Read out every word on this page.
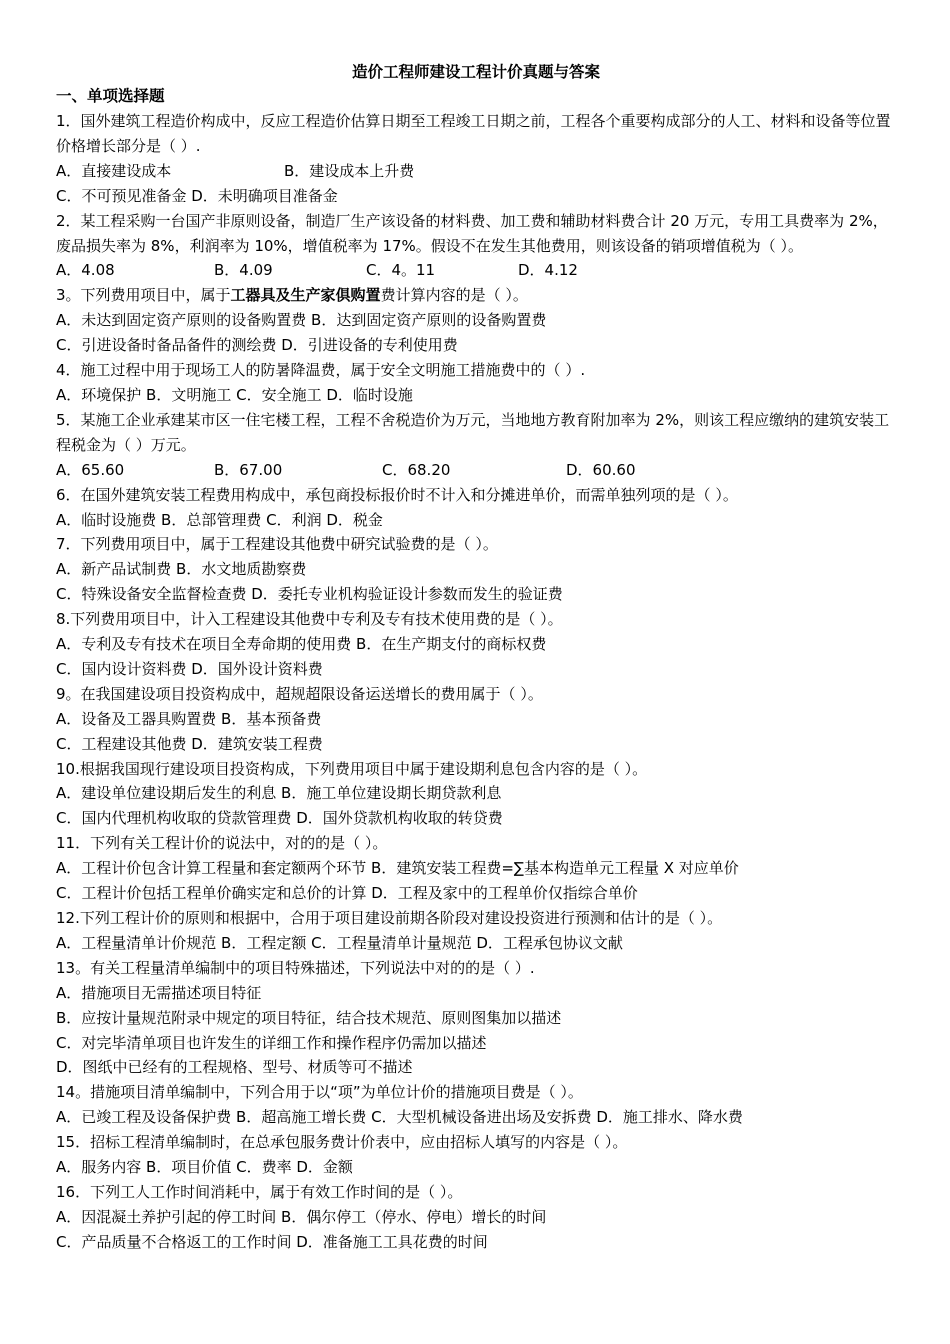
造价工程师建设工程计价真题与答案
一、单项选择题
1．国外建筑工程造价构成中，反应工程造价估算日期至工程竣工日期之前，工程各个重要构成部分的人工、材料和设备等位置价格增长部分是（ ）.
A．直接建设成本	B．建设成本上升费
C．不可预见准备金 D．未明确项目准备金
2．某工程采购一台国产非原则设备，制造厂生产该设备的材料费、加工费和辅助材料费合计 20 万元，专用工具费率为 2%，废品损失率为 8%，利润率为 10%，增值税率为 17%。假设不在发生其他费用，则该设备的销项增值税为（ ）。
A．4.08	B．4.09	C．4。11	D．4.12
3。下列费用项目中，属于工器具及生产家俱购置费计算内容的是（ ）。
A．未达到固定资产原则的设备购置费 B．达到固定资产原则的设备购置费
C．引进设备时备品备件的测绘费 D．引进设备的专利使用费
4．施工过程中用于现场工人的防暑降温费，属于安全文明施工措施费中的（ ）.
A．环境保护 B．文明施工 C．安全施工 D．临时设施
5．某施工企业承建某市区一住宅楼工程，工程不舍税造价为万元，当地地方教育附加率为 2%，则该工程应缴纳的建筑安装工程税金为（ ）万元。
A．65.60	B．67.00	C．68.20	D．60.60
6．在国外建筑安装工程费用构成中，承包商投标报价时不计入和分摊进单价，而需单独列项的是（ ）。
A．临时设施费 B．总部管理费 C．利润 D．税金
7．下列费用项目中，属于工程建设其他费中研究试验费的是（ ）。
A．新产品试制费 B．水文地质勘察费
C．特殊设备安全监督检查费 D．委托专业机构验证设计参数而发生的验证费
8.下列费用项目中，计入工程建设其他费中专利及专有技术使用费的是（ ）。
A．专利及专有技术在项目全寿命期的使用费 B．在生产期支付的商标权费
C．国内设计资料费 D．国外设计资料费
9。在我国建设项目投资构成中，超规超限设备运送增长的费用属于（ ）。
A．设备及工器具购置费 B．基本预备费
C．工程建设其他费 D．建筑安装工程费
10.根据我国现行建设项目投资构成，下列费用项目中属于建设期利息包含内容的是（ ）。
A．建设单位建设期后发生的利息 B．施工单位建设期长期贷款利息
C．国内代理机构收取的贷款管理费 D．国外贷款机构收取的转贷费
11．下列有关工程计价的说法中，对的的是（ ）。
A．工程计价包含计算工程量和套定额两个环节 B．建筑安装工程费=∑基本构造单元工程量 X 对应单价
C．工程计价包括工程单价确实定和总价的计算 D．工程及家中的工程单价仅指综合单价
12.下列工程计价的原则和根据中，合用于项目建设前期各阶段对建设投资进行预测和估计的是（ ）。
A．工程量清单计价规范 B．工程定额 C．工程量清单计量规范 D．工程承包协议文献
13。有关工程量清单编制中的项目特殊描述，下列说法中对的的是（ ）.
A．措施项目无需描述项目特征
B．应按计量规范附录中规定的项目特征，结合技术规范、原则图集加以描述
C．对完毕清单项目也许发生的详细工作和操作程序仍需加以描述
D．图纸中已经有的工程规格、型号、材质等可不描述
14。措施项目清单编制中，下列合用于以“项”为单位计价的措施项目费是（ ）。
A．已竣工程及设备保护费 B．超高施工增长费 C．大型机械设备进出场及安拆费 D．施工排水、降水费
15．招标工程清单编制时，在总承包服务费计价表中，应由招标人填写的内容是（ ）。
A．服务内容 B．项目价值 C．费率 D．金额
16．下列工人工作时间消耗中，属于有效工作时间的是（ ）。
A．因混凝土养护引起的停工时间 B．偶尔停工（停水、停电）增长的时间
C．产品质量不合格返工的工作时间 D．准备施工工具花费的时间
